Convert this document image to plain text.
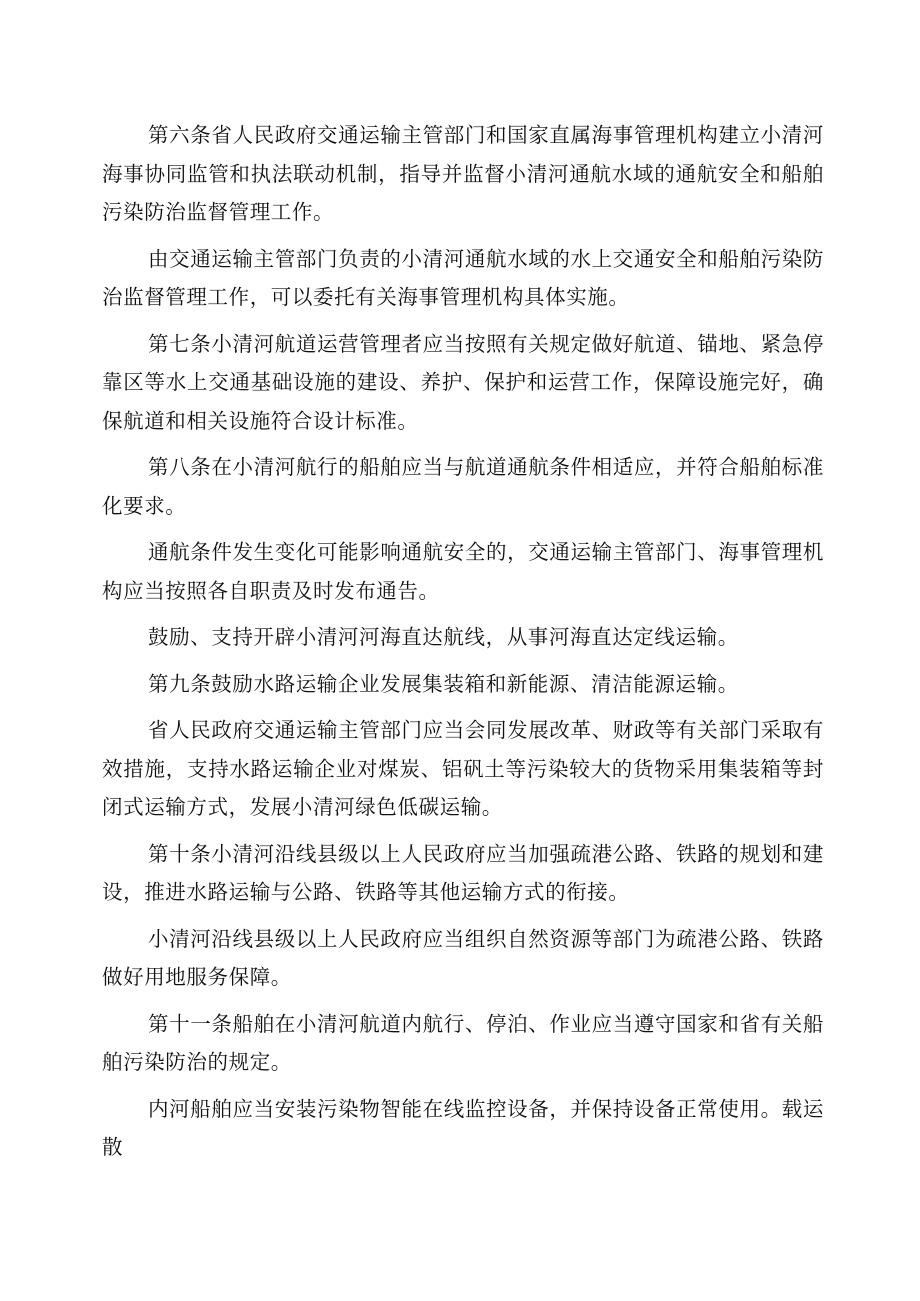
第六条省人民政府交通运输主管部门和国家直属海事管理机构建立小清河海事协同监管和执法联动机制，指导并监督小清河通航水域的通航安全和船舶污染防治监督管理工作。

由交通运输主管部门负责的小清河通航水域的水上交通安全和船舶污染防治监督管理工作，可以委托有关海事管理机构具体实施。

第七条小清河航道运营管理者应当按照有关规定做好航道、锚地、紧急停靠区等水上交通基础设施的建设、养护、保护和运营工作，保障设施完好，确保航道和相关设施符合设计标准。

第八条在小清河航行的船舶应当与航道通航条件相适应，并符合船舶标准化要求。

通航条件发生变化可能影响通航安全的，交通运输主管部门、海事管理机构应当按照各自职责及时发布通告。

鼓励、支持开辟小清河河海直达航线，从事河海直达定线运输。

第九条鼓励水路运输企业发展集装箱和新能源、清洁能源运输。

省人民政府交通运输主管部门应当会同发展改革、财政等有关部门采取有效措施，支持水路运输企业对煤炭、铝矾土等污染较大的货物采用集装箱等封闭式运输方式，发展小清河绿色低碳运输。

第十条小清河沿线县级以上人民政府应当加强疏港公路、铁路的规划和建设，推进水路运输与公路、铁路等其他运输方式的衔接。

小清河沿线县级以上人民政府应当组织自然资源等部门为疏港公路、铁路做好用地服务保障。

第十一条船舶在小清河航道内航行、停泊、作业应当遵守国家和省有关船舶污染防治的规定。

内河船舶应当安装污染物智能在线监控设备，并保持设备正常使用。载运散
